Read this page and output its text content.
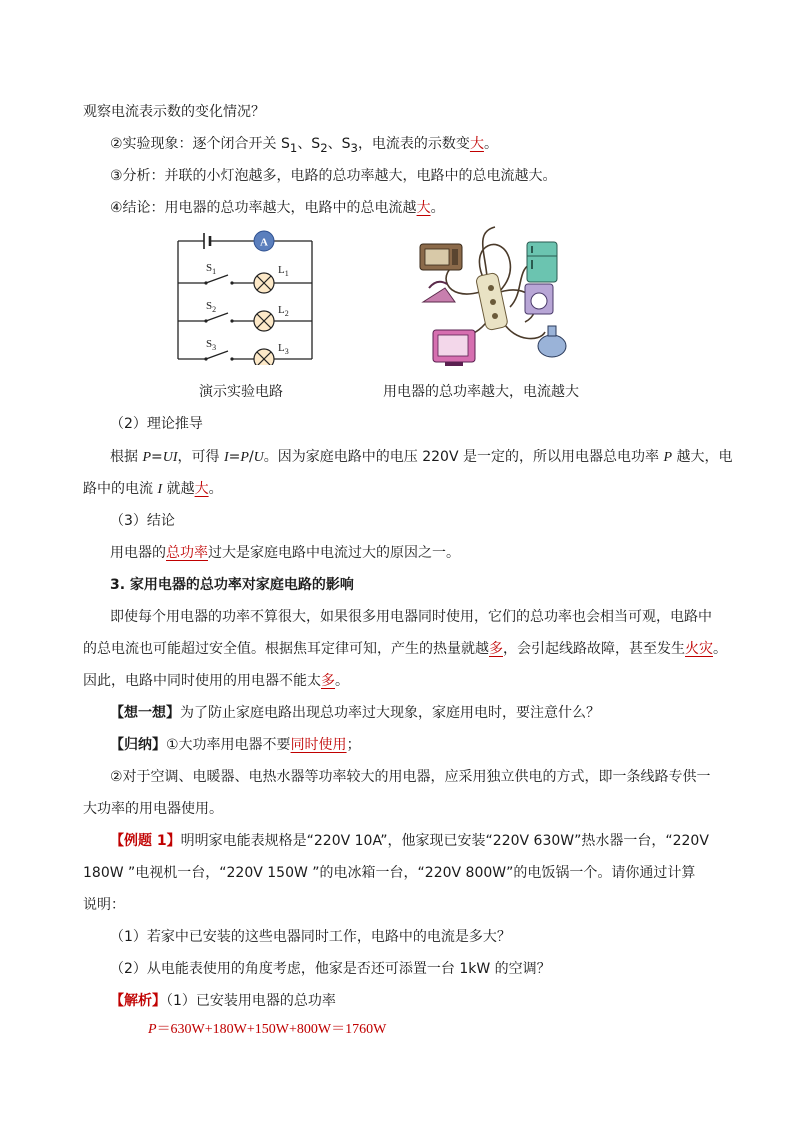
观察电流表示数的变化情况？
②实验现象：逐个闭合开关 $S_1$、$S_2$、$S_3$，电流表的示数变大。
③分析：并联的小灯泡越多，电路的总功率越大，电路中的总电流越大。
④结论：用电器的总功率越大，电路中的总电流越大。
A
$S_1$
$S_2$
$S_3$
$L_1$
$L_2$
$L_3$
演示实验电路	用电器的总功率越大，电流越大
（2）理论推导
根据 P=UI，可得 I=P/U。因为家庭电路中的电压 220V 是一定的，所以用电器总电功率 P 越大，电
路中的电流 I 就越大。
（3）结论
用电器的总功率过大是家庭电路中电流过大的原因之一。
3. 家用电器的总功率对家庭电路的影响
即使每个用电器的功率不算很大，如果很多用电器同时使用，它们的总功率也会相当可观，电路中
的总电流也可能超过安全值。根据焦耳定律可知，产生的热量就越多，会引起线路故障，甚至发生火灾。
因此，电路中同时使用的用电器不能太多。
【想一想】为了防止家庭电路出现总功率过大现象，家庭用电时，要注意什么？
【归纳】①大功率用电器不要同时使用；
②对于空调、电暖器、电热水器等功率较大的用电器，应采用独立供电的方式，即一条线路专供一
大功率的用电器使用。
【例题 1】明明家电能表规格是“220V 10A”，他家现已安装“220V 630W”热水器一台，“220V
180W ”电视机一台，“220V 150W ”的电冰箱一台，“220V 800W”的电饭锅一个。请你通过计算
说明：
（1）若家中已安装的这些电器同时工作，电路中的电流是多大？
（2）从电能表使用的角度考虑，他家是否还可添置一台 1kW 的空调？
【解析】（1）已安装用电器的总功率
P＝630W+180W+150W+800W＝1760W
